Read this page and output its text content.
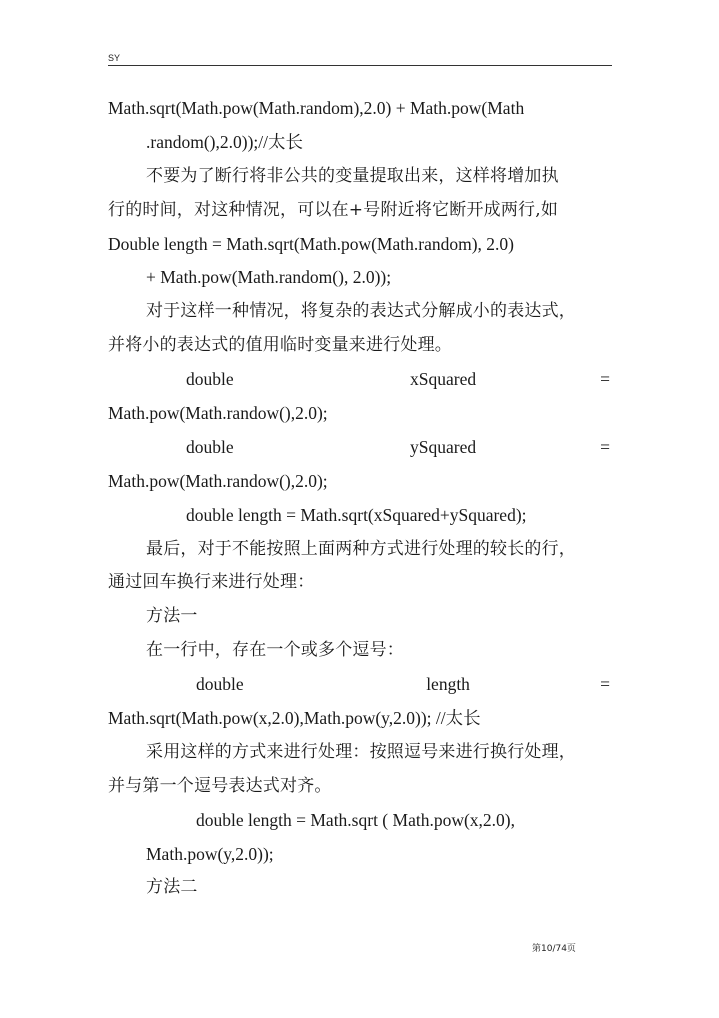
SY
Math.sqrt(Math.pow(Math.random),2.0) + Math.pow(Math
.random(),2.0));//太长
不要为了断行将非公共的变量提取出来，这样将增加执
行的时间，对这种情况，可以在+号附近将它断开成两行,如
Double length = Math.sqrt(Math.pow(Math.random), 2.0)
+ Math.pow(Math.random(), 2.0));
对于这样一种情况，将复杂的表达式分解成小的表达式，
并将小的表达式的值用临时变量来进行处理。
double	xSquared	=
Math.pow(Math.randow(),2.0);
double	ySquared	=
Math.pow(Math.randow(),2.0);
double length = Math.sqrt(xSquared+ySquared);
最后，对于不能按照上面两种方式进行处理的较长的行，
通过回车换行来进行处理：
方法一
在一行中，存在一个或多个逗号：
double	length	=
Math.sqrt(Math.pow(x,2.0),Math.pow(y,2.0)); //太长
采用这样的方式来进行处理：按照逗号来进行换行处理，
并与第一个逗号表达式对齐。
double length = Math.sqrt ( Math.pow(x,2.0),
Math.pow(y,2.0));
方法二
第10/74页
